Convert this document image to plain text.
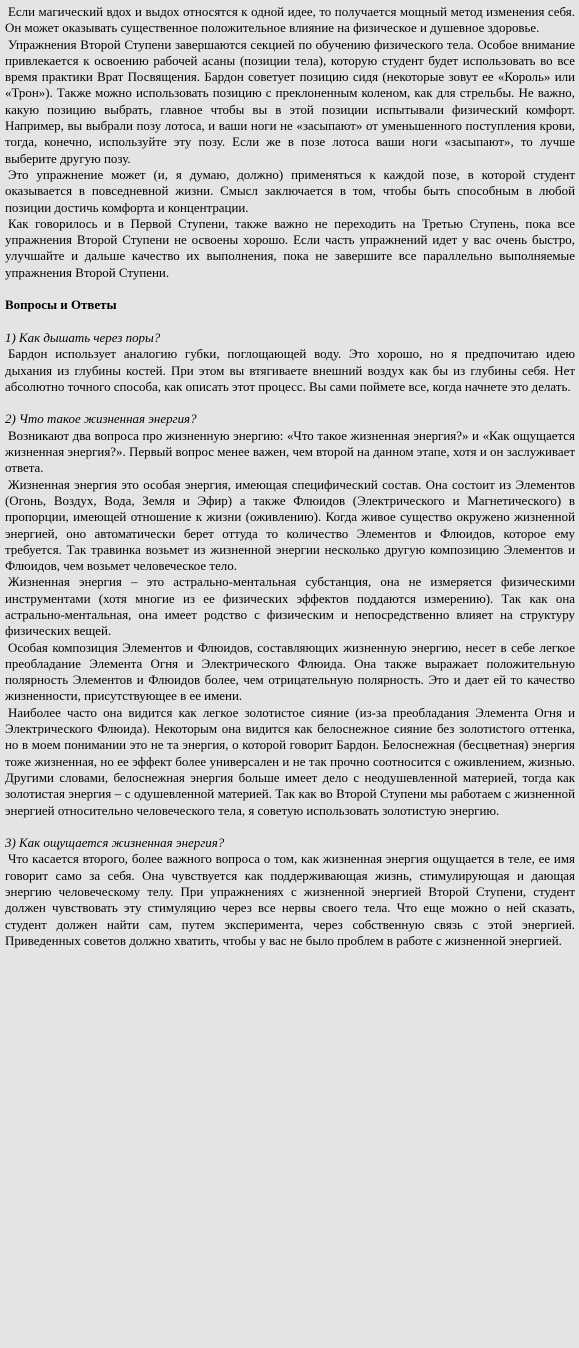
Если магический вдох и выдох относятся к одной идее, то получается мощный метод изменения себя. Он может оказывать существенное положительное влияние на физическое и душевное здоровье.

Упражнения Второй Ступени завершаются секцией по обучению физического тела. Особое внимание привлекается к освоению рабочей асаны (позиции тела), которую студент будет использовать во все время практики Врат Посвящения. Бардон советует позицию сидя (некоторые зовут ее «Король» или «Трон»). Также можно использовать позицию с преклоненным коленом, как для стрельбы. Не важно, какую позицию выбрать, главное чтобы вы в этой позиции испытывали физический комфорт. Например, вы выбрали позу лотоса, и ваши ноги не «засыпают» от уменьшенного поступления крови, тогда, конечно, используйте эту позу. Если же в позе лотоса ваши ноги «засыпают», то лучше выберите другую позу.

Это упражнение может (и, я думаю, должно) применяться к каждой позе, в которой студент оказывается в повседневной жизни. Смысл заключается в том, чтобы быть способным в любой позиции достичь комфорта и концентрации.

Как говорилось и в Первой Ступени, также важно не переходить на Третью Ступень, пока все упражнения Второй Ступени не освоены хорошо. Если часть упражнений идет у вас очень быстро, улучшайте и дальше качество их выполнения, пока не завершите все параллельно выполняемые упражнения Второй Ступени.

Вопросы и Ответы
1) Как дышать через поры?

Бардон использует аналогию губки, поглощающей воду. Это хорошо, но я предпочитаю идею дыхания из глубины костей. При этом вы втягиваете внешний воздух как бы из глубины себя. Нет абсолютно точного способа, как описать этот процесс. Вы сами поймете все, когда начнете это делать.

2) Что такое жизненная энергия?

Возникают два вопроса про жизненную энергию: «Что такое жизненная энергия?» и «Как ощущается жизненная энергия?». Первый вопрос менее важен, чем второй на данном этапе, хотя и он заслуживает ответа.

Жизненная энергия это особая энергия, имеющая специфический состав. Она состоит из Элементов (Огонь, Воздух, Вода, Земля и Эфир) а также Флюидов (Электрического и Магнетического) в пропорции, имеющей отношение к жизни (оживлению). Когда живое существо окружено жизненной энергией, оно автоматически берет оттуда то количество Элементов и Флюидов, которое ему требуется. Так травинка возьмет из жизненной энергии несколько другую композицию Элементов и Флюидов, чем возьмет человеческое тело.

Жизненная энергия – это астрально-ментальная субстанция, она не измеряется физическими инструментами (хотя многие из ее физических эффектов поддаются измерению). Так как она астрально-ментальная, она имеет родство с физическим и непосредственно влияет на структуру физических вещей.

Особая композиция Элементов и Флюидов, составляющих жизненную энергию, несет в себе легкое преобладание Элемента Огня и Электрического Флюида. Она также выражает положительную полярность Элементов и Флюидов более, чем отрицательную полярность. Это и дает ей то качество жизненности, присутствующее в ее имени.

Наиболее часто она видится как легкое золотистое сияние (из-за преобладания Элемента Огня и Электрического Флюида). Некоторым она видится как белоснежное сияние без золотистого оттенка, но в моем понимании это не та энергия, о которой говорит Бардон. Белоснежная (бесцветная) энергия тоже жизненная, но ее эффект более универсален и не так прочно соотносится с оживлением, жизнью. Другими словами, белоснежная энергия больше имеет дело с неодушевленной материей, тогда как золотистая энергия – с одушевленной материей. Так как во Второй Ступени мы работаем с жизненной энергией относительно человеческого тела, я советую использовать золотистую энергию.

3) Как ощущается жизненная энергия?

Что касается второго, более важного вопроса о том, как жизненная энергия ощущается в теле, ее имя говорит само за себя. Она чувствуется как поддерживающая жизнь, стимулирующая и дающая энергию человеческому телу. При упражнениях с жизненной энергией Второй Ступени, студент должен чувствовать эту стимуляцию через все нервы своего тела. Что еще можно о ней сказать, студент должен найти сам, путем эксперимента, через собственную связь с этой энергией. Приведенных советов должно хватить, чтобы у вас не было проблем в работе с жизненной энергией.
